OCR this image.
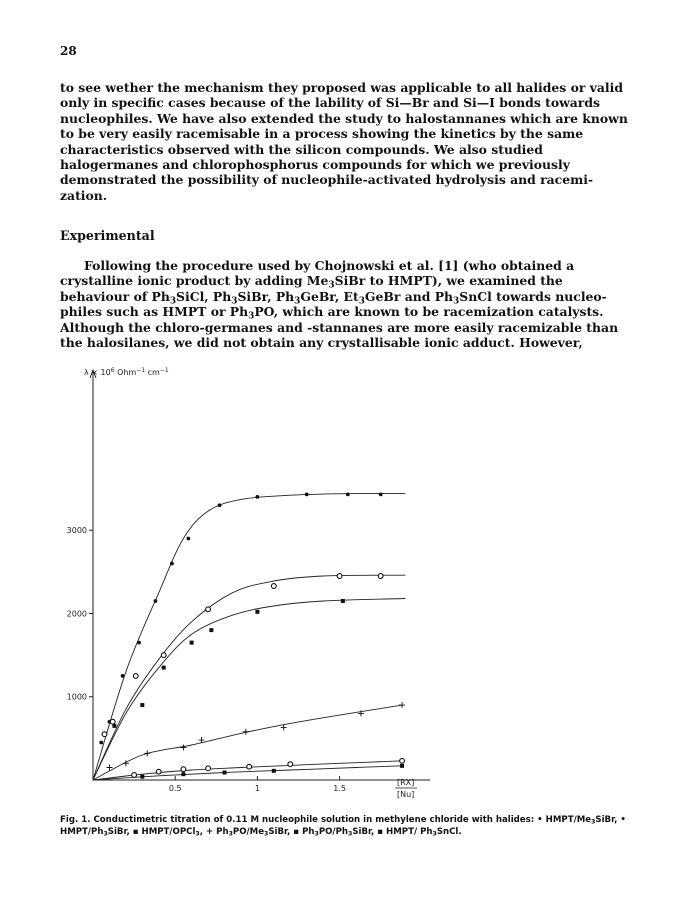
28

to see wether the mechanism they proposed was applicable to all halides or valid only in specific cases because of the lability of Si—Br and Si—I bonds towards nucleophiles. We have also extended the study to halostannanes which are known to be very easily racemisable in a process showing the kinetics by the same characteristics observed with the silicon compounds. We also studied halogermanes and chlorophosphorus compounds for which we previously demonstrated the possibility of nucleophile-activated hydrolysis and racemization.

Experimental

Following the procedure used by Chojnowski et al. [1] (who obtained a crystalline ionic product by adding $Me_3SiBr$ to HMPT), we examined the behaviour of $Ph_3SiCl$, $Ph_3SiBr$, $Ph_3GeBr$, $Et_3GeBr$ and $Ph_3SnCl$ towards nucleophiles such as HMPT or $Ph_3PO$, which are known to be racemization catalysts. Although the chloro-germanes and -stannanes are more easily racemizable than the halosilanes, we did not obtain any crystallisable ionic adduct. However,

$\lambda \times 10^6$ Ohm$^{-1}$ $cm^{-1}$
[RX]
[Nu]
0.5	1	1.5
1000
2000
3000

Fig. 1. Conductimetric titration of 0.11 M nucleophile solution in methylene chloride with halides: • HMPT/$Me_3SiBr$, • HMPT/$Ph_3SiBr$, ▪ HMPT/OPCl$_3$, + $Ph_3PO/Me_3SiBr$, ▪ $Ph_3PO/Ph_3SiBr$, ▪ HMPT/ $Ph_3SnCl$.
